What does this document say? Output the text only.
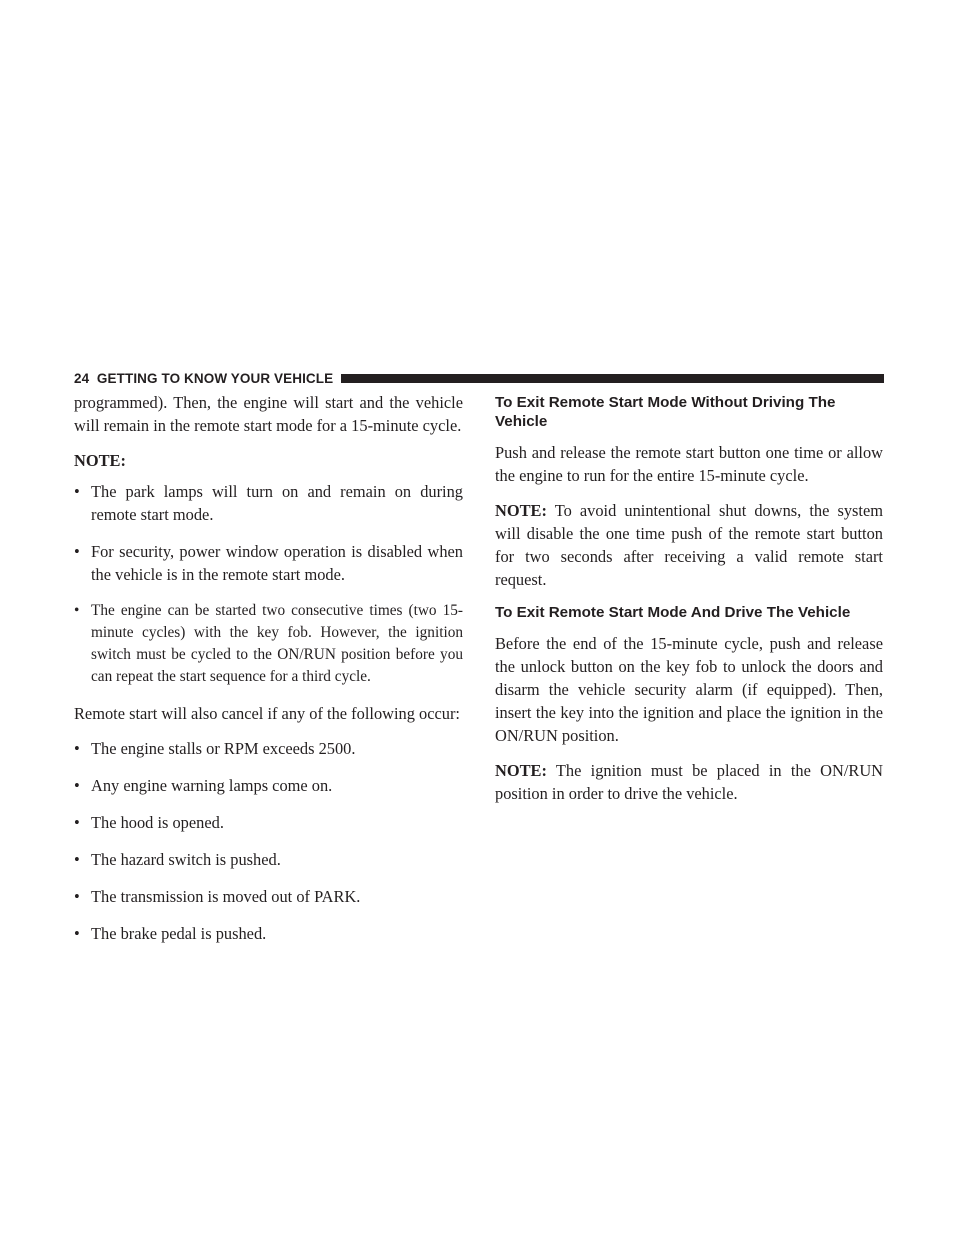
24
GETTING TO KNOW YOUR VEHICLE

programmed). Then, the engine will start and the vehicle will remain in the remote start mode for a 15-minute cycle.

NOTE:

• The park lamps will turn on and remain on during remote start mode.
• For security, power window operation is disabled when the vehicle is in the remote start mode.
• The engine can be started two consecutive times (two 15-minute cycles) with the key fob. However, the ignition switch must be cycled to the ON/RUN position before you can repeat the start sequence for a third cycle.

Remote start will also cancel if any of the following occur:

• The engine stalls or RPM exceeds 2500.
• Any engine warning lamps come on.
• The hood is opened.
• The hazard switch is pushed.
• The transmission is moved out of PARK.
• The brake pedal is pushed.
To Exit Remote Start Mode Without Driving The Vehicle

Push and release the remote start button one time or allow the engine to run for the entire 15-minute cycle.

NOTE: To avoid unintentional shut downs, the system will disable the one time push of the remote start button for two seconds after receiving a valid remote start request.

To Exit Remote Start Mode And Drive The Vehicle

Before the end of the 15-minute cycle, push and release the unlock button on the key fob to unlock the doors and disarm the vehicle security alarm (if equipped). Then, insert the key into the ignition and place the ignition in the ON/RUN position.

NOTE: The ignition must be placed in the ON/RUN position in order to drive the vehicle.
